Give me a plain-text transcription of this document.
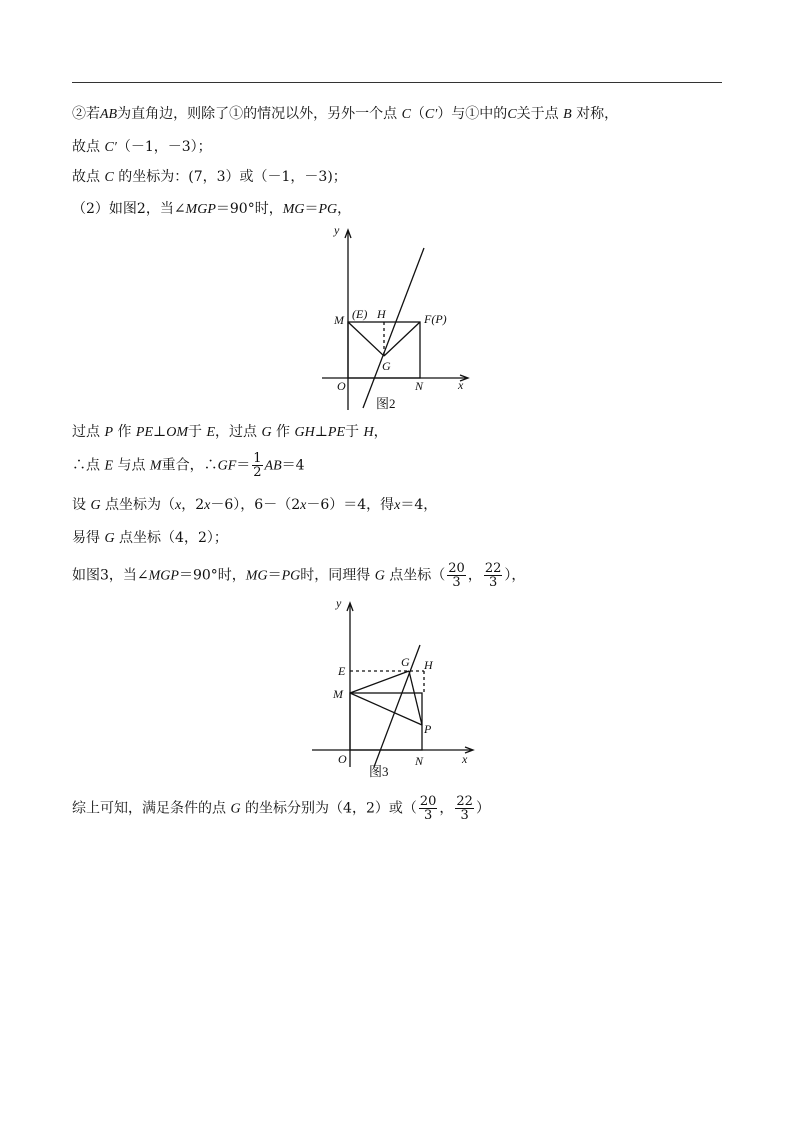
②若AB为直角边，则除了①的情况以外，另外一个点 C（C′）与①中的C关于点 B 对称，
故点 C′（－1，－3）；
故点 C 的坐标为：(7，3）或（－1，－3)；
（2）如图2，当∠MGP＝90°时，MG＝PG，
y
x
O
M (E) H	F(P)
G
N
图2
过点 P 作 PE⊥OM于 E，过点 G 作 GH⊥PE于 H，
∴点 E 与点 M重合，∴GF＝ $\frac{1}{2} AB=4$
设 G 点坐标为（x，2x－6），6－（2x－6）＝4，得x＝4，
易得 G 点坐标（4，2）；
如图3，当∠MGP＝90°时，MG＝PG时，同理得 G 点坐标（ $\frac{20}{3}$ ， $\frac{22}{3}$ ），
y
x
O
E
M
G H
P
N
图3
综上可知，满足条件的点 G 的坐标分别为（4，2）或（ $\frac{20}{3}$ ， $\frac{22}{3}$ ）
